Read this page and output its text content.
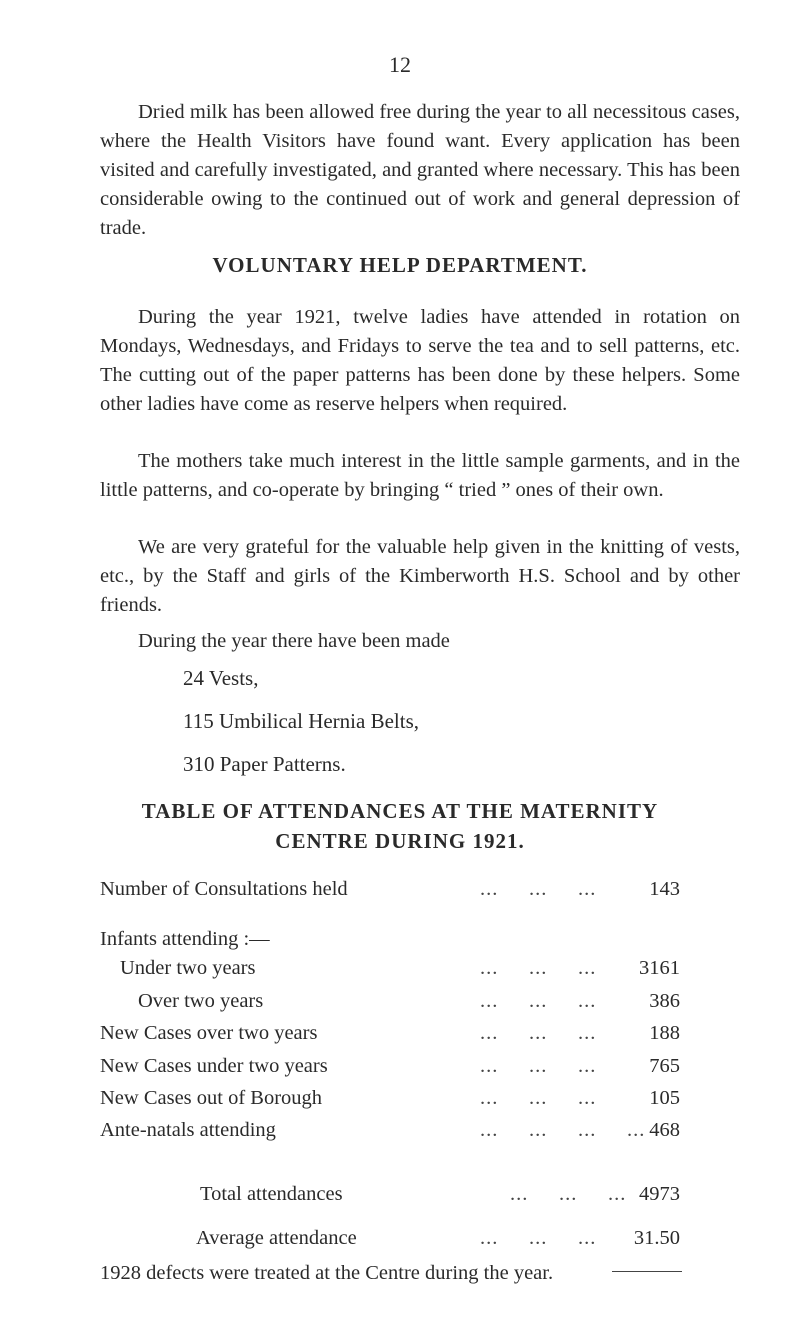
12

Dried milk has been allowed free during the year to all necessitous cases, where the Health Visitors have found want. Every application has been visited and carefully investigated, and granted where necessary. This has been considerable owing to the continued out of work and general depression of trade.

VOLUNTARY HELP DEPARTMENT.

During the year 1921, twelve ladies have attended in rotation on Mondays, Wednesdays, and Fridays to serve the tea and to sell patterns, etc. The cutting out of the paper patterns has been done by these helpers. Some other ladies have come as reserve helpers when required.

The mothers take much interest in the little sample garments, and in the little patterns, and co-operate by bringing “ tried ” ones of their own.

We are very grateful for the valuable help given in the knitting of vests, etc., by the Staff and girls of the Kimberworth H.S. School and by other friends.

During the year there have been made

24 Vests,

115 Umbilical Hernia Belts,

310 Paper Patterns.

TABLE OF ATTENDANCES AT THE MATERNITY
CENTRE DURING 1921.
Number of Consultations held	... ... ...	143
Infants attending :—
Under two years	... ... ...	3161
Over two years	... ... ...	386
New Cases over two years	... ... ...	188
New Cases under two years	... ... ...	765
New Cases out of Borough	... ... ...	105
Ante-natals attending	... ... ... ... 468
Total attendances	... ... ... 4973
Average attendance	... ... ...	31.50

1928 defects were treated at the Centre during the year.
